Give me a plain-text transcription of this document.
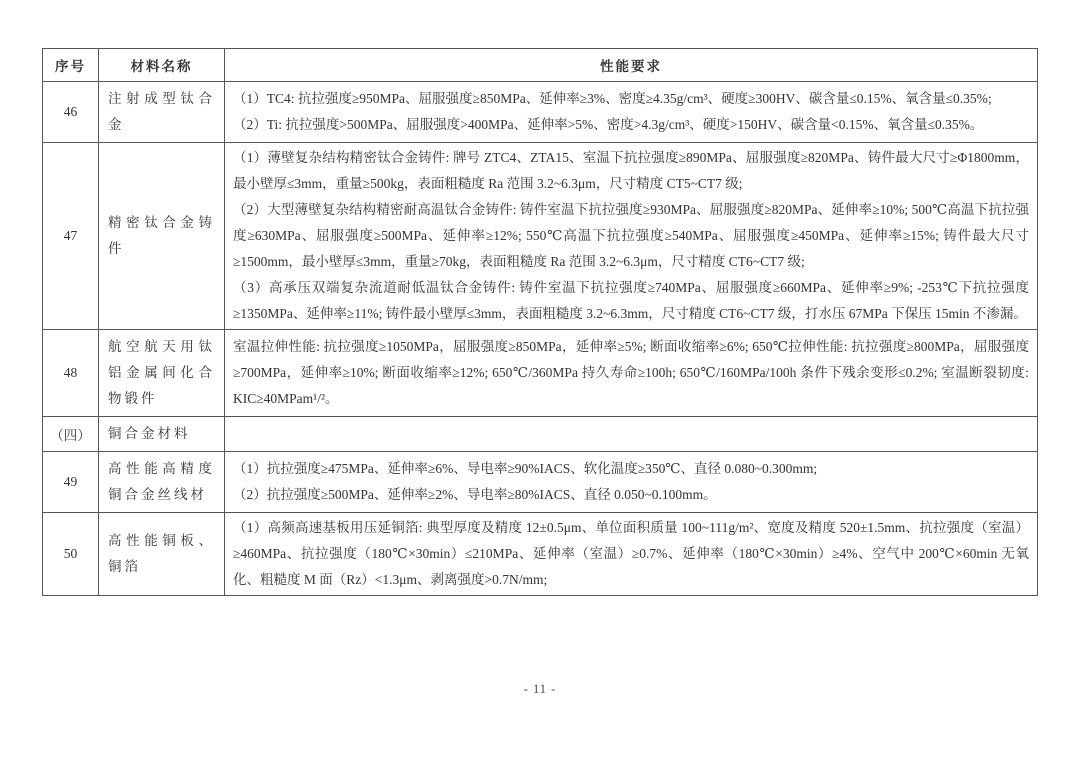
序号	材料名称	性能要求
46	注射成型钛合金	（1）TC4: 抗拉强度≥950MPa、屈服强度≥850MPa、延伸率≥3%、密度≥4.35g/cm³、硬度≥300HV、碳含量≤0.15%、氧含量≤0.35%;

（2）Ti: 抗拉强度>500MPa、屈服强度>400MPa、延伸率>5%、密度>4.3g/cm³、硬度>150HV、碳含量<0.15%、氧含量≤0.35%。

47	精密钛合金铸件	（1）薄壁复杂结构精密钛合金铸件: 牌号 ZTC4、ZTA15、室温下抗拉强度≥890MPa、屈服强度≥820MPa、铸件最大尺寸≥Φ1800mm，最小壁厚≤3mm，重量≥500kg，表面粗糙度 Ra 范围 3.2~6.3μm，尺寸精度 CT5~CT7 级;

（2）大型薄壁复杂结构精密耐高温钛合金铸件: 铸件室温下抗拉强度≥930MPa、屈服强度≥820MPa、延伸率≥10%; 500℃高温下抗拉强度≥630MPa、屈服强度≥500MPa、延伸率≥12%; 550℃高温下抗拉强度≥540MPa、屈服强度≥450MPa、延伸率≥15%; 铸件最大尺寸≥1500mm，最小壁厚≤3mm，重量≥70kg，表面粗糙度 Ra 范围 3.2~6.3μm，尺寸精度 CT6~CT7 级;

（3）高承压双端复杂流道耐低温钛合金铸件: 铸件室温下抗拉强度≥740MPa、屈服强度≥660MPa、延伸率≥9%; -253℃下抗拉强度≥1350MPa、延伸率≥11%; 铸件最小壁厚≤3mm，表面粗糙度 3.2~6.3mm，尺寸精度 CT6~CT7 级，打水压 67MPa 下保压 15min 不渗漏。

48	航空航天用钛铝金属间化合物锻件	室温拉伸性能: 抗拉强度≥1050MPa，屈服强度≥850MPa，延伸率≥5%; 断面收缩率≥6%; 650℃拉伸性能: 抗拉强度≥800MPa，屈服强度≥700MPa，延伸率≥10%; 断面收缩率≥12%; 650℃/360MPa 持久寿命≥100h; 650℃/160MPa/100h 条件下残余变形≤0.2%; 室温断裂韧度: KIC≥40MPam¹/²。

（四）	铜合金材料	
49	高性能高精度铜合金丝线材	（1）抗拉强度≥475MPa、延伸率≥6%、导电率≥90%IACS、软化温度≥350℃、直径 0.080~0.300mm;

（2）抗拉强度≥500MPa、延伸率≥2%、导电率≥80%IACS、直径 0.050~0.100mm。

50	高性能铜板、铜箔	（1）高频高速基板用压延铜箔: 典型厚度及精度 12±0.5μm、单位面积质量 100~111g/m²、宽度及精度 520±1.5mm、抗拉强度（室温）≥460MPa、抗拉强度（180℃×30min）≤210MPa、延伸率（室温）≥0.7%、延伸率（180℃×30min）≥4%、空气中 200℃×60min 无氧化、粗糙度 M 面（Rz）<1.3μm、剥离强度>0.7N/mm;

- 11 -
